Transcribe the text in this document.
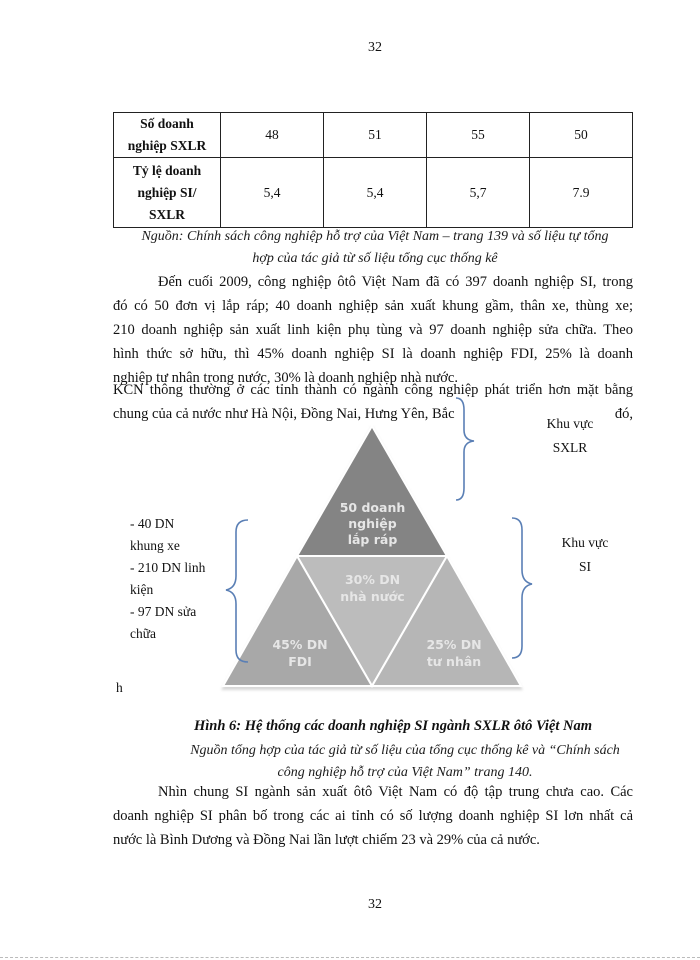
32
Số doanh
nghiệp SXLR	48	51	55	50
Tỷ lệ doanh
nghiệp SI/
SXLR	5,4	5,4	5,7	7.9
Nguồn: Chính sách công nghiệp hỗ trợ của Việt Nam – trang 139 và số liệu tự tổng
hợp của tác giả từ số liệu tổng cục thống kê
Đến cuối 2009, công nghiệp ôtô Việt Nam đã có 397 doanh nghiệp SI, trong
đó có 50 đơn vị lắp ráp; 40 doanh nghiệp sản xuất khung gầm, thân xe, thùng xe;
210 doanh nghiệp sản xuất linh kiện phụ tùng và 97 doanh nghiệp sửa chữa. Theo
hình thức sở hữu, thì 45% doanh nghiệp SI là doanh nghiệp FDI, 25% là doanh
nghiệp tư nhân trong nước, 30% là doanh nghiệp nhà nước.
KCN thông thường ở các tỉnh thành có ngành công nghiệp phát triển hơn mặt bằng
chung của cả nước như Hà Nội, Đồng Nai, Hưng Yên, Bắc	đó,
50 doanh
nghiệp
lắp ráp
30% DN
nhà nước
45% DN
FDI
25% DN
tư nhân
Khu vực
SXLR
Khu vực
SI
- 40 DN
khung xe
- 210 DN linh
kiện
- 97 DN sửa
chữa
h
Hình 6: Hệ thống các doanh nghiệp SI ngành SXLR ôtô Việt Nam
Nguồn tổng hợp của tác giả từ số liệu của tổng cục thống kê và “Chính sách
công nghiệp hỗ trợ của Việt Nam” trang 140.
Nhìn chung SI ngành sản xuất ôtô Việt Nam có độ tập trung chưa cao. Các
doanh nghiệp SI phân bố trong các ai tỉnh có số lượng doanh nghiệp SI lơn nhất cả
nước là Bình Dương và Đồng Nai lần lượt chiếm 23 và 29% của cả nước.
32
